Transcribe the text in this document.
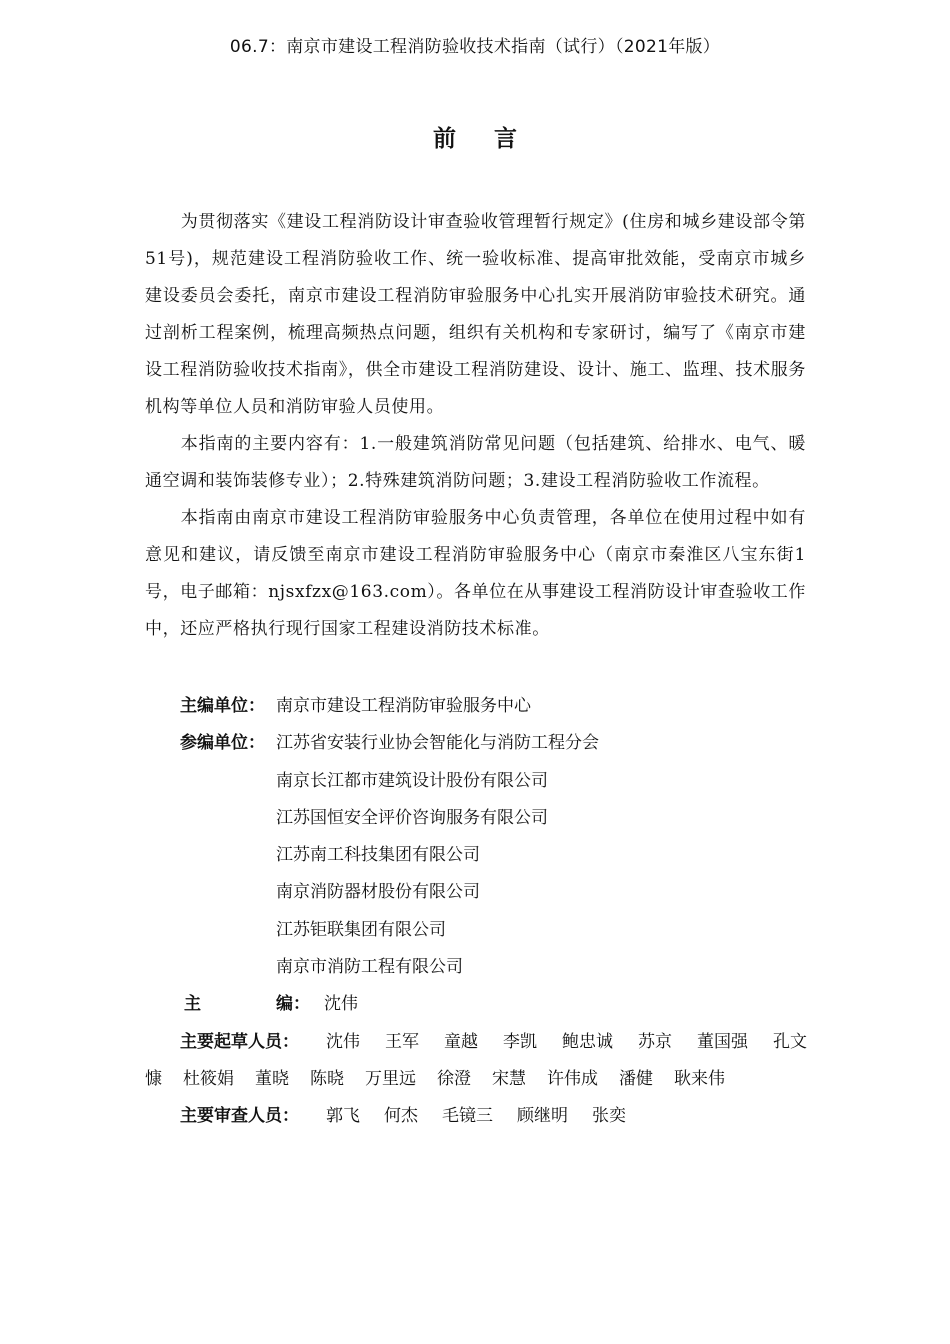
06.7：南京市建设工程消防验收技术指南（试行）（2021年版）
前言

为贯彻落实《建设工程消防设计审查验收管理暂行规定》(住房和城乡建设部令第51号)，规范建设工程消防验收工作、统一验收标准、提高审批效能，受南京市城乡建设委员会委托，南京市建设工程消防审验服务中心扎实开展消防审验技术研究。通过剖析工程案例，梳理高频热点问题，组织有关机构和专家研讨，编写了《南京市建设工程消防验收技术指南》，供全市建设工程消防建设、设计、施工、监理、技术服务机构等单位人员和消防审验人员使用。

本指南的主要内容有：1.一般建筑消防常见问题（包括建筑、给排水、电气、暖通空调和装饰装修专业）；2.特殊建筑消防问题；3.建设工程消防验收工作流程。

本指南由南京市建设工程消防审验服务中心负责管理，各单位在使用过程中如有意见和建议，请反馈至南京市建设工程消防审验服务中心（南京市秦淮区八宝东街1号，电子邮箱：njsxfzx@163.com）。各单位在从事建设工程消防设计审查验收工作中，还应严格执行现行国家工程建设消防技术标准。

主编单位： 南京市建设工程消防审验服务中心
参编单位： 江苏省安装行业协会智能化与消防工程分会
南京长江都市建筑设计股份有限公司
江苏国恒安全评价咨询服务有限公司
江苏南工科技集团有限公司
南京消防器材股份有限公司
江苏钜联集团有限公司
南京市消防工程有限公司
主	编： 沈伟
主要起草人员：	沈伟 王军 童越 李凯 鲍忠诚 苏京 董国强 孔文
慷 杜筱娟 董晓 陈晓 万里远 徐澄 宋慧 许伟成 潘健 耿来伟
主要审查人员：	郭飞 何杰 毛镜三 顾继明 张奕
